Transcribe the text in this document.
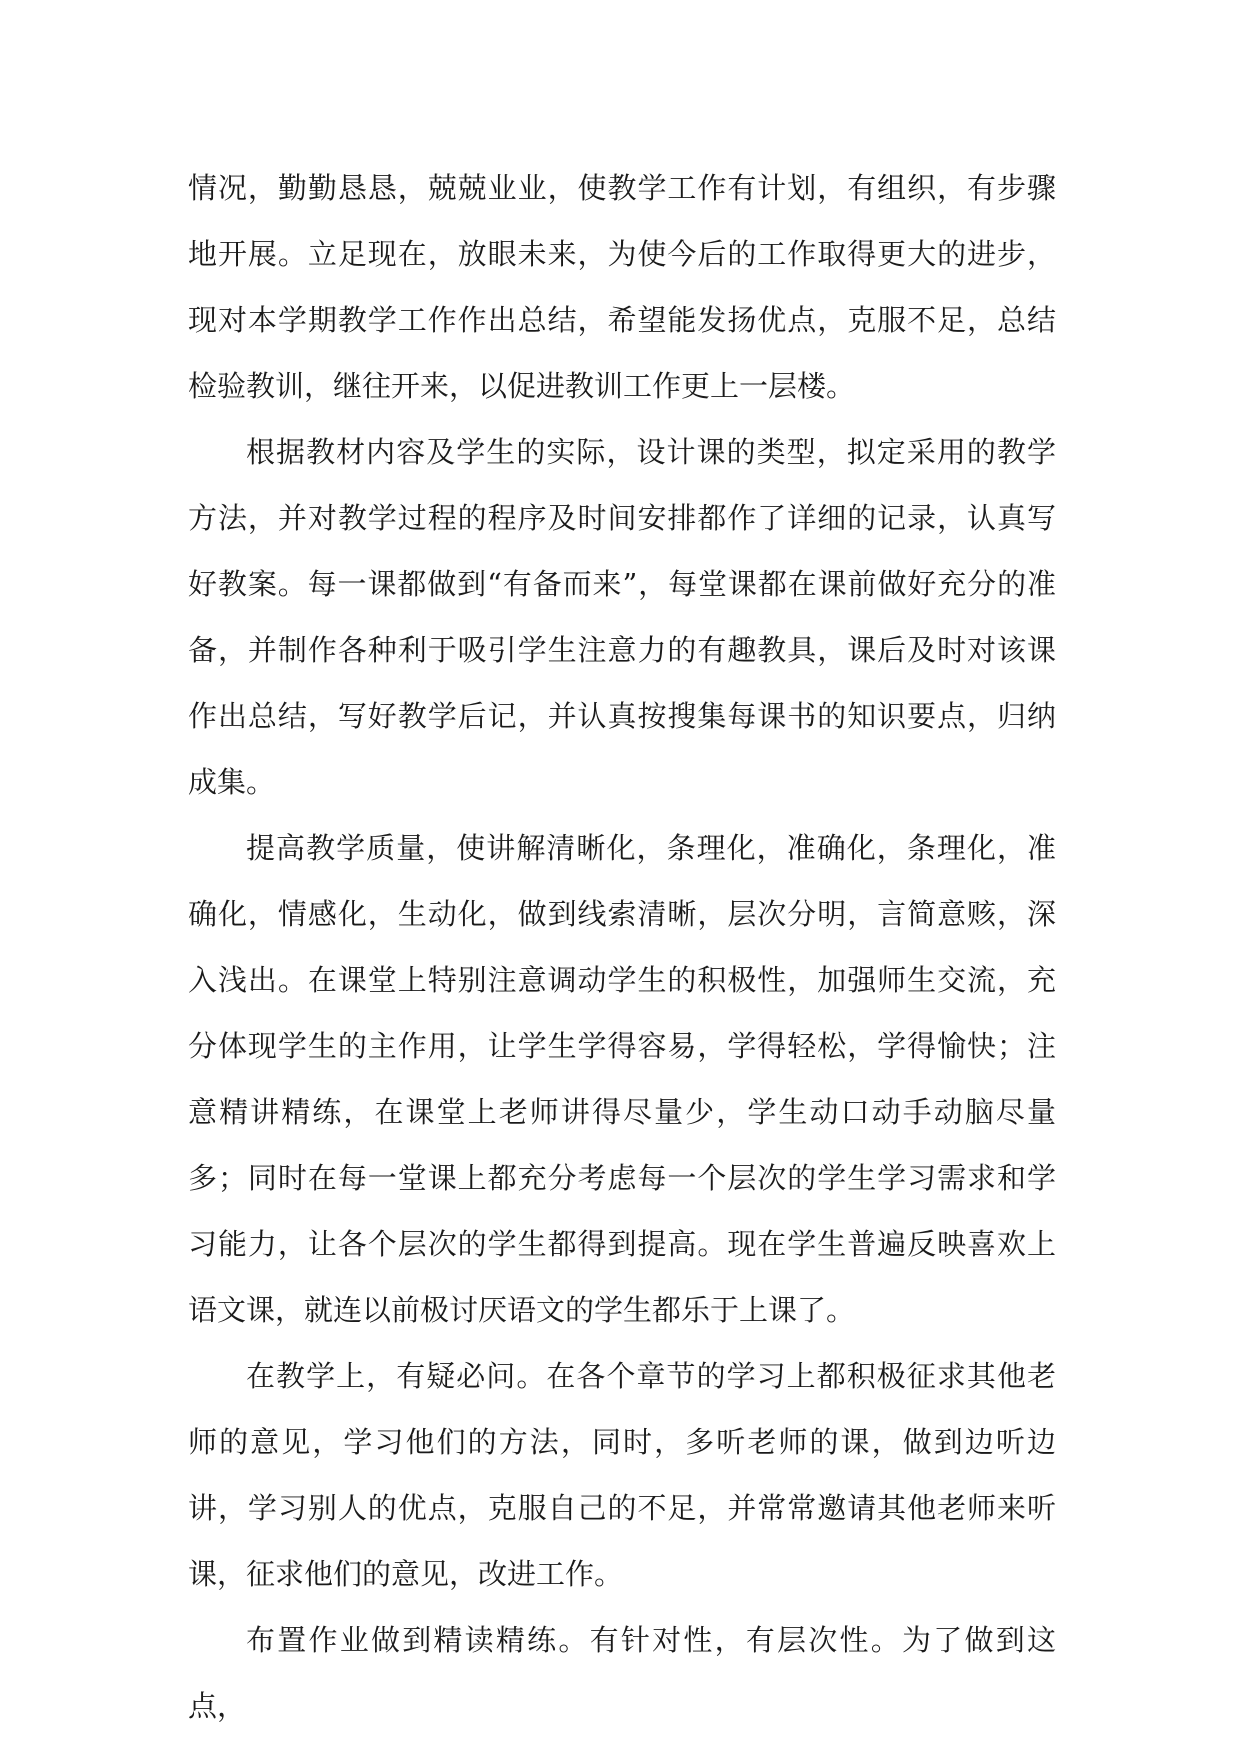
情况，勤勤恳恳，兢兢业业，使教学工作有计划，有组织，有步骤地开展。立足现在，放眼未来，为使今后的工作取得更大的进步，现对本学期教学工作作出总结，希望能发扬优点，克服不足，总结检验教训，继往开来，以促进教训工作更上一层楼。

根据教材内容及学生的实际，设计课的类型，拟定采用的教学方法，并对教学过程的程序及时间安排都作了详细的记录，认真写好教案。每一课都做到“有备而来”，每堂课都在课前做好充分的准备，并制作各种利于吸引学生注意力的有趣教具，课后及时对该课作出总结，写好教学后记，并认真按搜集每课书的知识要点，归纳成集。

提高教学质量，使讲解清晰化，条理化，准确化，条理化，准确化，情感化，生动化，做到线索清晰，层次分明，言简意赅，深入浅出。在课堂上特别注意调动学生的积极性，加强师生交流，充分体现学生的主作用，让学生学得容易，学得轻松，学得愉快；注意精讲精练，在课堂上老师讲得尽量少，学生动口动手动脑尽量多；同时在每一堂课上都充分考虑每一个层次的学生学习需求和学习能力，让各个层次的学生都得到提高。现在学生普遍反映喜欢上语文课，就连以前极讨厌语文的学生都乐于上课了。

在教学上，有疑必问。在各个章节的学习上都积极征求其他老师的意见，学习他们的方法，同时，多听老师的课，做到边听边讲，学习别人的优点，克服自己的不足，并常常邀请其他老师来听课，征求他们的意见，改进工作。

布置作业做到精读精练。有针对性，有层次性。为了做到这点，
